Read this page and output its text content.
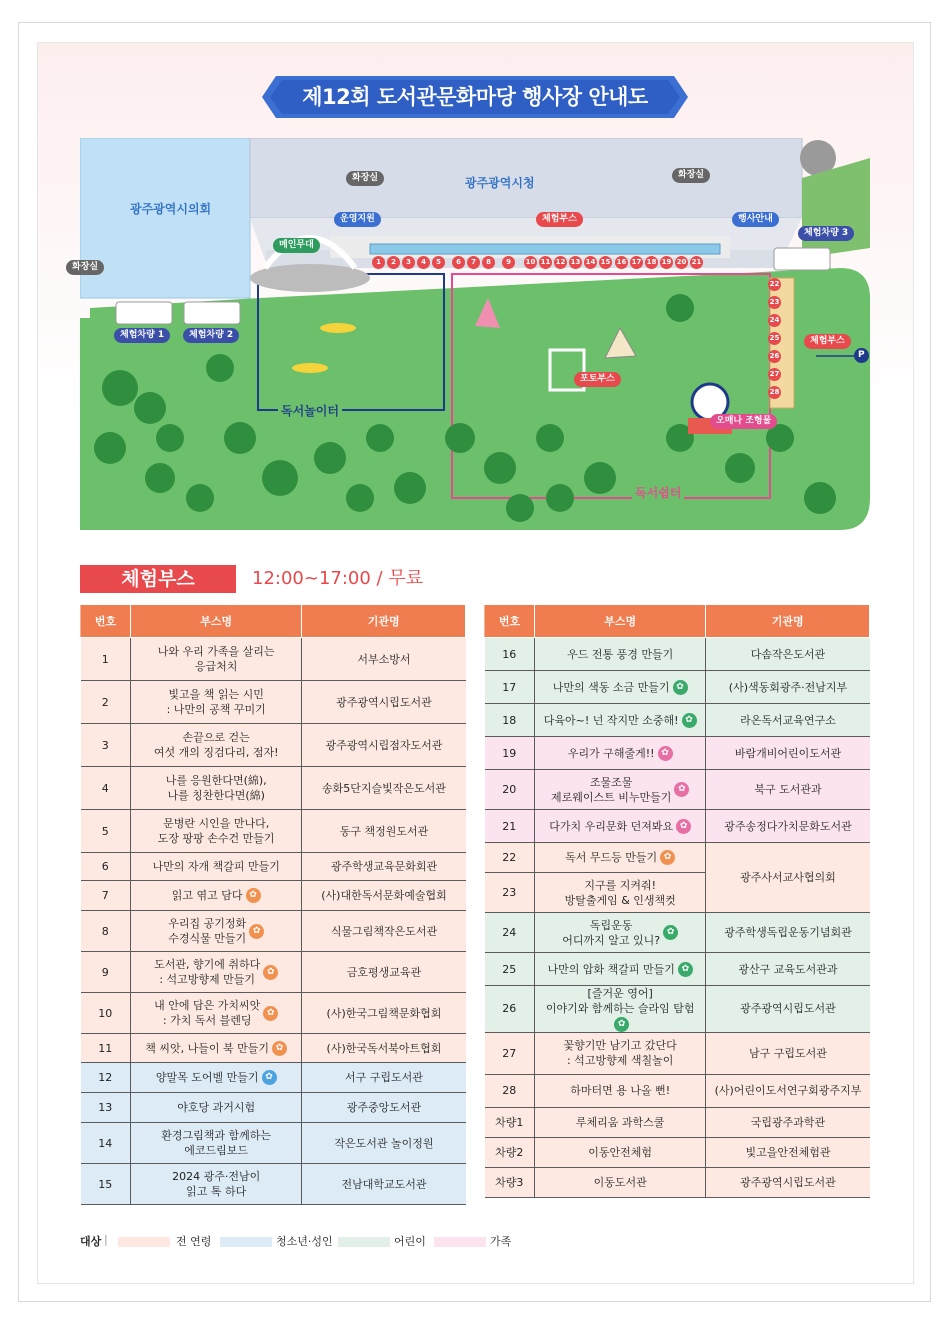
제12회 도서관문화마당 행사장 안내도
광주광역시의회
광주광역시청
화장실
화장실	화장실
메인무대
운영지원	체험부스	행사안내
체험차량 1	체험차량 2
체험차량 3
독서놀이터
포토부스
오매나 조형물
독서쉼터
체험부스
P
1	2	3	4	5	6	7	8	9	10 11 12 13 14 15 16 17 18 19 20 21
22
23
24
25
26
27
28
체험부스	12:00~17:00 / 무료
번호	부스명	기관명
1	나와 우리 가족을 살리는
응급처치	서부소방서
2	빛고을 책 읽는 시민
: 나만의 공책 꾸미기	광주광역시립도서관
3	손끝으로 걷는
여섯 개의 징검다리, 점자!	광주광역시립점자도서관
4	나를 응원한다면(綿),
나를 칭찬한다면(綿)	송화5단지슬빛작은도서관
5	문병란 시인을 만나다,
도장 팡팡 손수건 만들기	동구 책정원도서관
6	나만의 자개 책갈피 만들기	광주학생교육문화회관
7	읽고 엮고 담다 ✿	(사)대한독서문화예술협회
8	우리집 공기정화
수경식물 만들기✿	식물그림책작은도서관
9	도서관, 향기에 취하다
: 석고방향제 만들기✿	금호평생교육관
10	내 안에 담은 가치씨앗
: 가치 독서 블렌딩✿	(사)한국그림책문화협회
11	책 씨앗, 나들이 북 만들기 ✿	(사)한국독서북아트협회
12	양말목 도어벨 만들기 ✿	서구 구립도서관
13	야호당 과거시험	광주중앙도서관
14	환경그림책과 함께하는
에코드림보드	작은도서관 놀이정원
15	2024 광주·전남이
읽고 톡 하다	전남대학교도서관
번호	부스명	기관명
16	우드 전통 풍경 만들기	다솜작은도서관
17	나만의 색동 소금 만들기 ✿	(사)색동회광주·전남지부
18	다육아~! 넌 작지만 소중해! ✿	라온독서교육연구소
19	우리가 구해줄게!! ✿	바람개비어린이도서관
20	조물조물
제로웨이스트 비누만들기✿	북구 도서관과
21	다가치 우리문화 던져봐요 ✿	광주송정다가치문화도서관
22	독서 무드등 만들기 ✿	광주사서교사협의회
23	지구를 지켜줘!
방탈출게임 & 인생책컷	
24	독립운동
어디까지 알고 있니?✿	광주학생독립운동기념회관
25	나만의 압화 책갈피 만들기 ✿	광산구 교육도서관과
26	[즐거운 영어]
이야기와 함께하는 슬라임 탐험✿	광주광역시립도서관
27	꽃향기만 남기고 갔단다
: 석고방향제 색칠놀이	남구 구립도서관
28	하마터면 용 나올 뻔!	(사)어린이도서연구회광주지부
차량1	루체리움 과학스쿨	국립광주과학관
차량2	이동안전체험	빛고을안전체험관
차량3	이동도서관	광주광역시립도서관
대상 |	전 연령	청소년·성인	어린이	가족
